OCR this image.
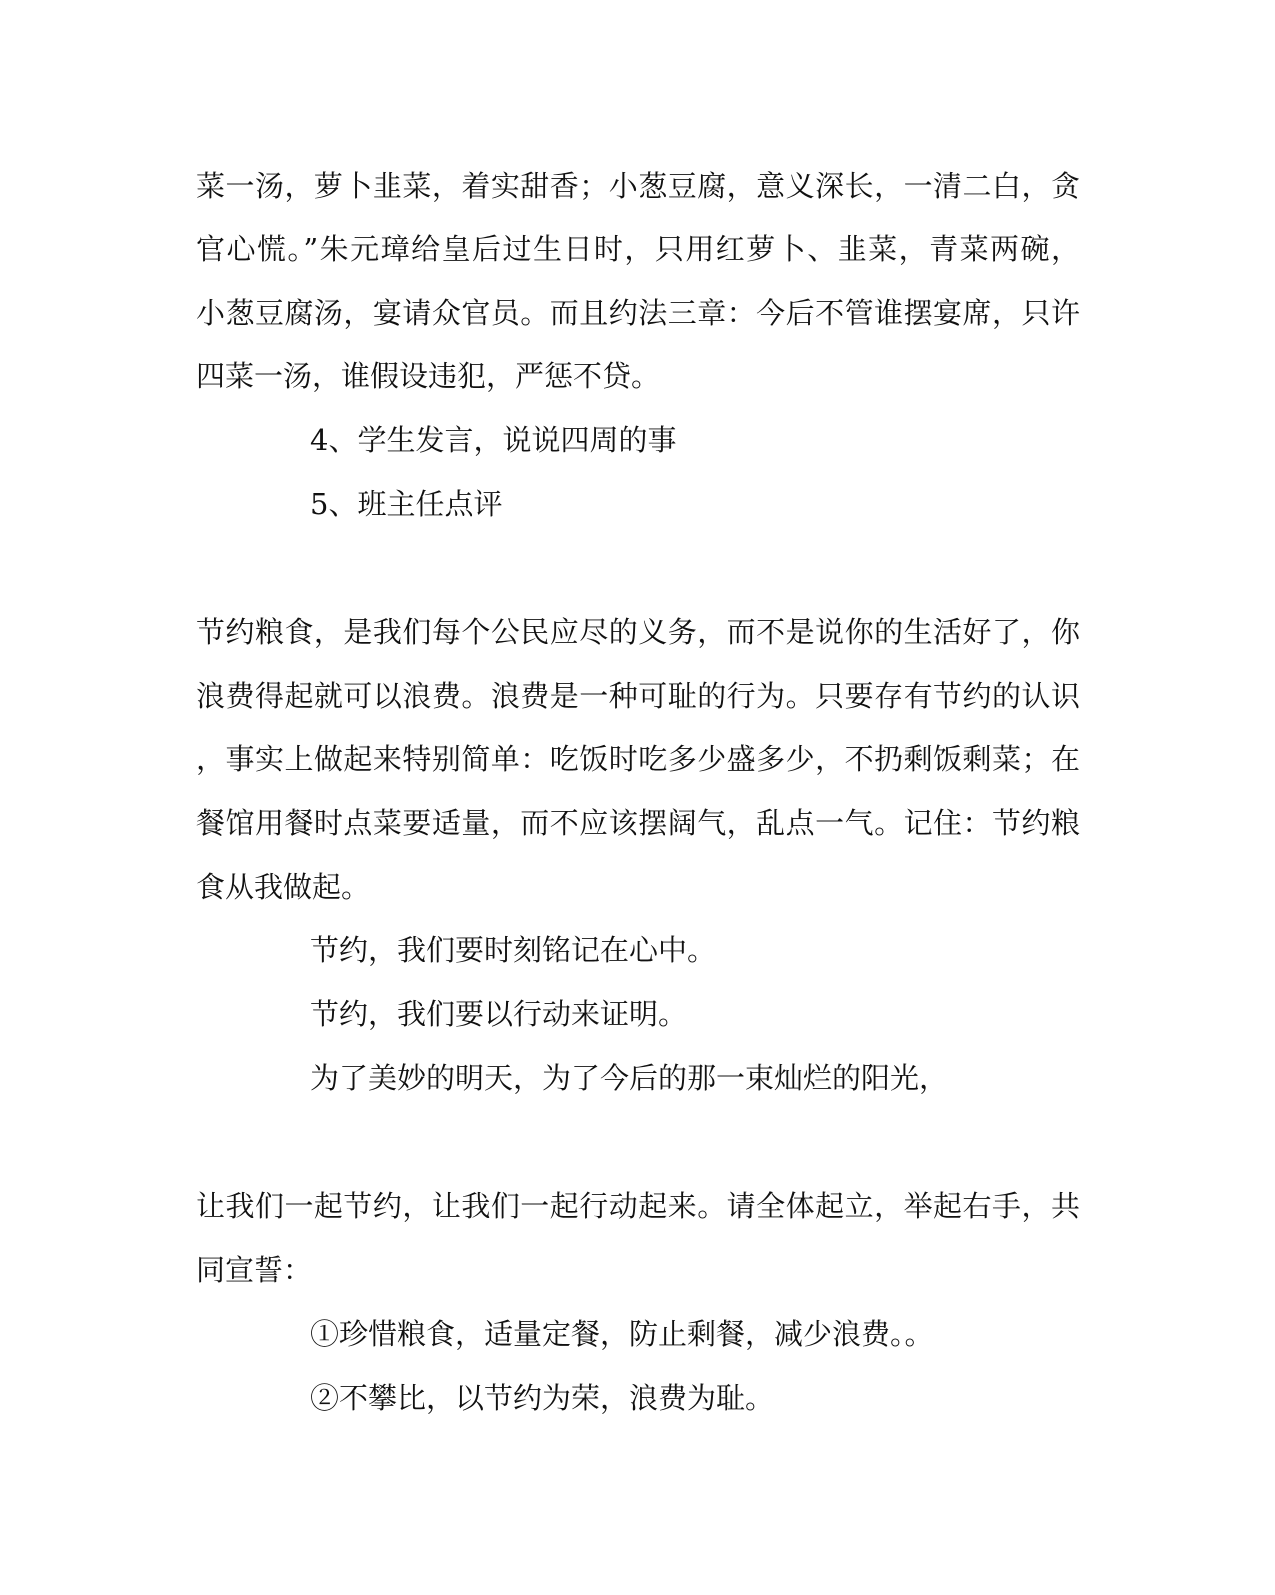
菜一汤，萝卜韭菜，着实甜香；小葱豆腐，意义深长，一清二白，贪
官心慌。”朱元璋给皇后过生日时，只用红萝卜、韭菜，青菜两碗，
小葱豆腐汤，宴请众官员。而且约法三章：今后不管谁摆宴席，只许
四菜一汤，谁假设违犯，严惩不贷。
4、学生发言，说说四周的事
5、班主任点评
节约粮食，是我们每个公民应尽的义务，而不是说你的生活好了，你
浪费得起就可以浪费。浪费是一种可耻的行为。只要存有节约的认识
，事实上做起来特别简单：吃饭时吃多少盛多少，不扔剩饭剩菜；在
餐馆用餐时点菜要适量，而不应该摆阔气，乱点一气。记住：节约粮
食从我做起。
节约，我们要时刻铭记在心中。
节约，我们要以行动来证明。
为了美妙的明天，为了今后的那一束灿烂的阳光，
让我们一起节约，让我们一起行动起来。请全体起立，举起右手，共
同宣誓：
①珍惜粮食，适量定餐，防止剩餐，减少浪费。。
②不攀比，以节约为荣，浪费为耻。
